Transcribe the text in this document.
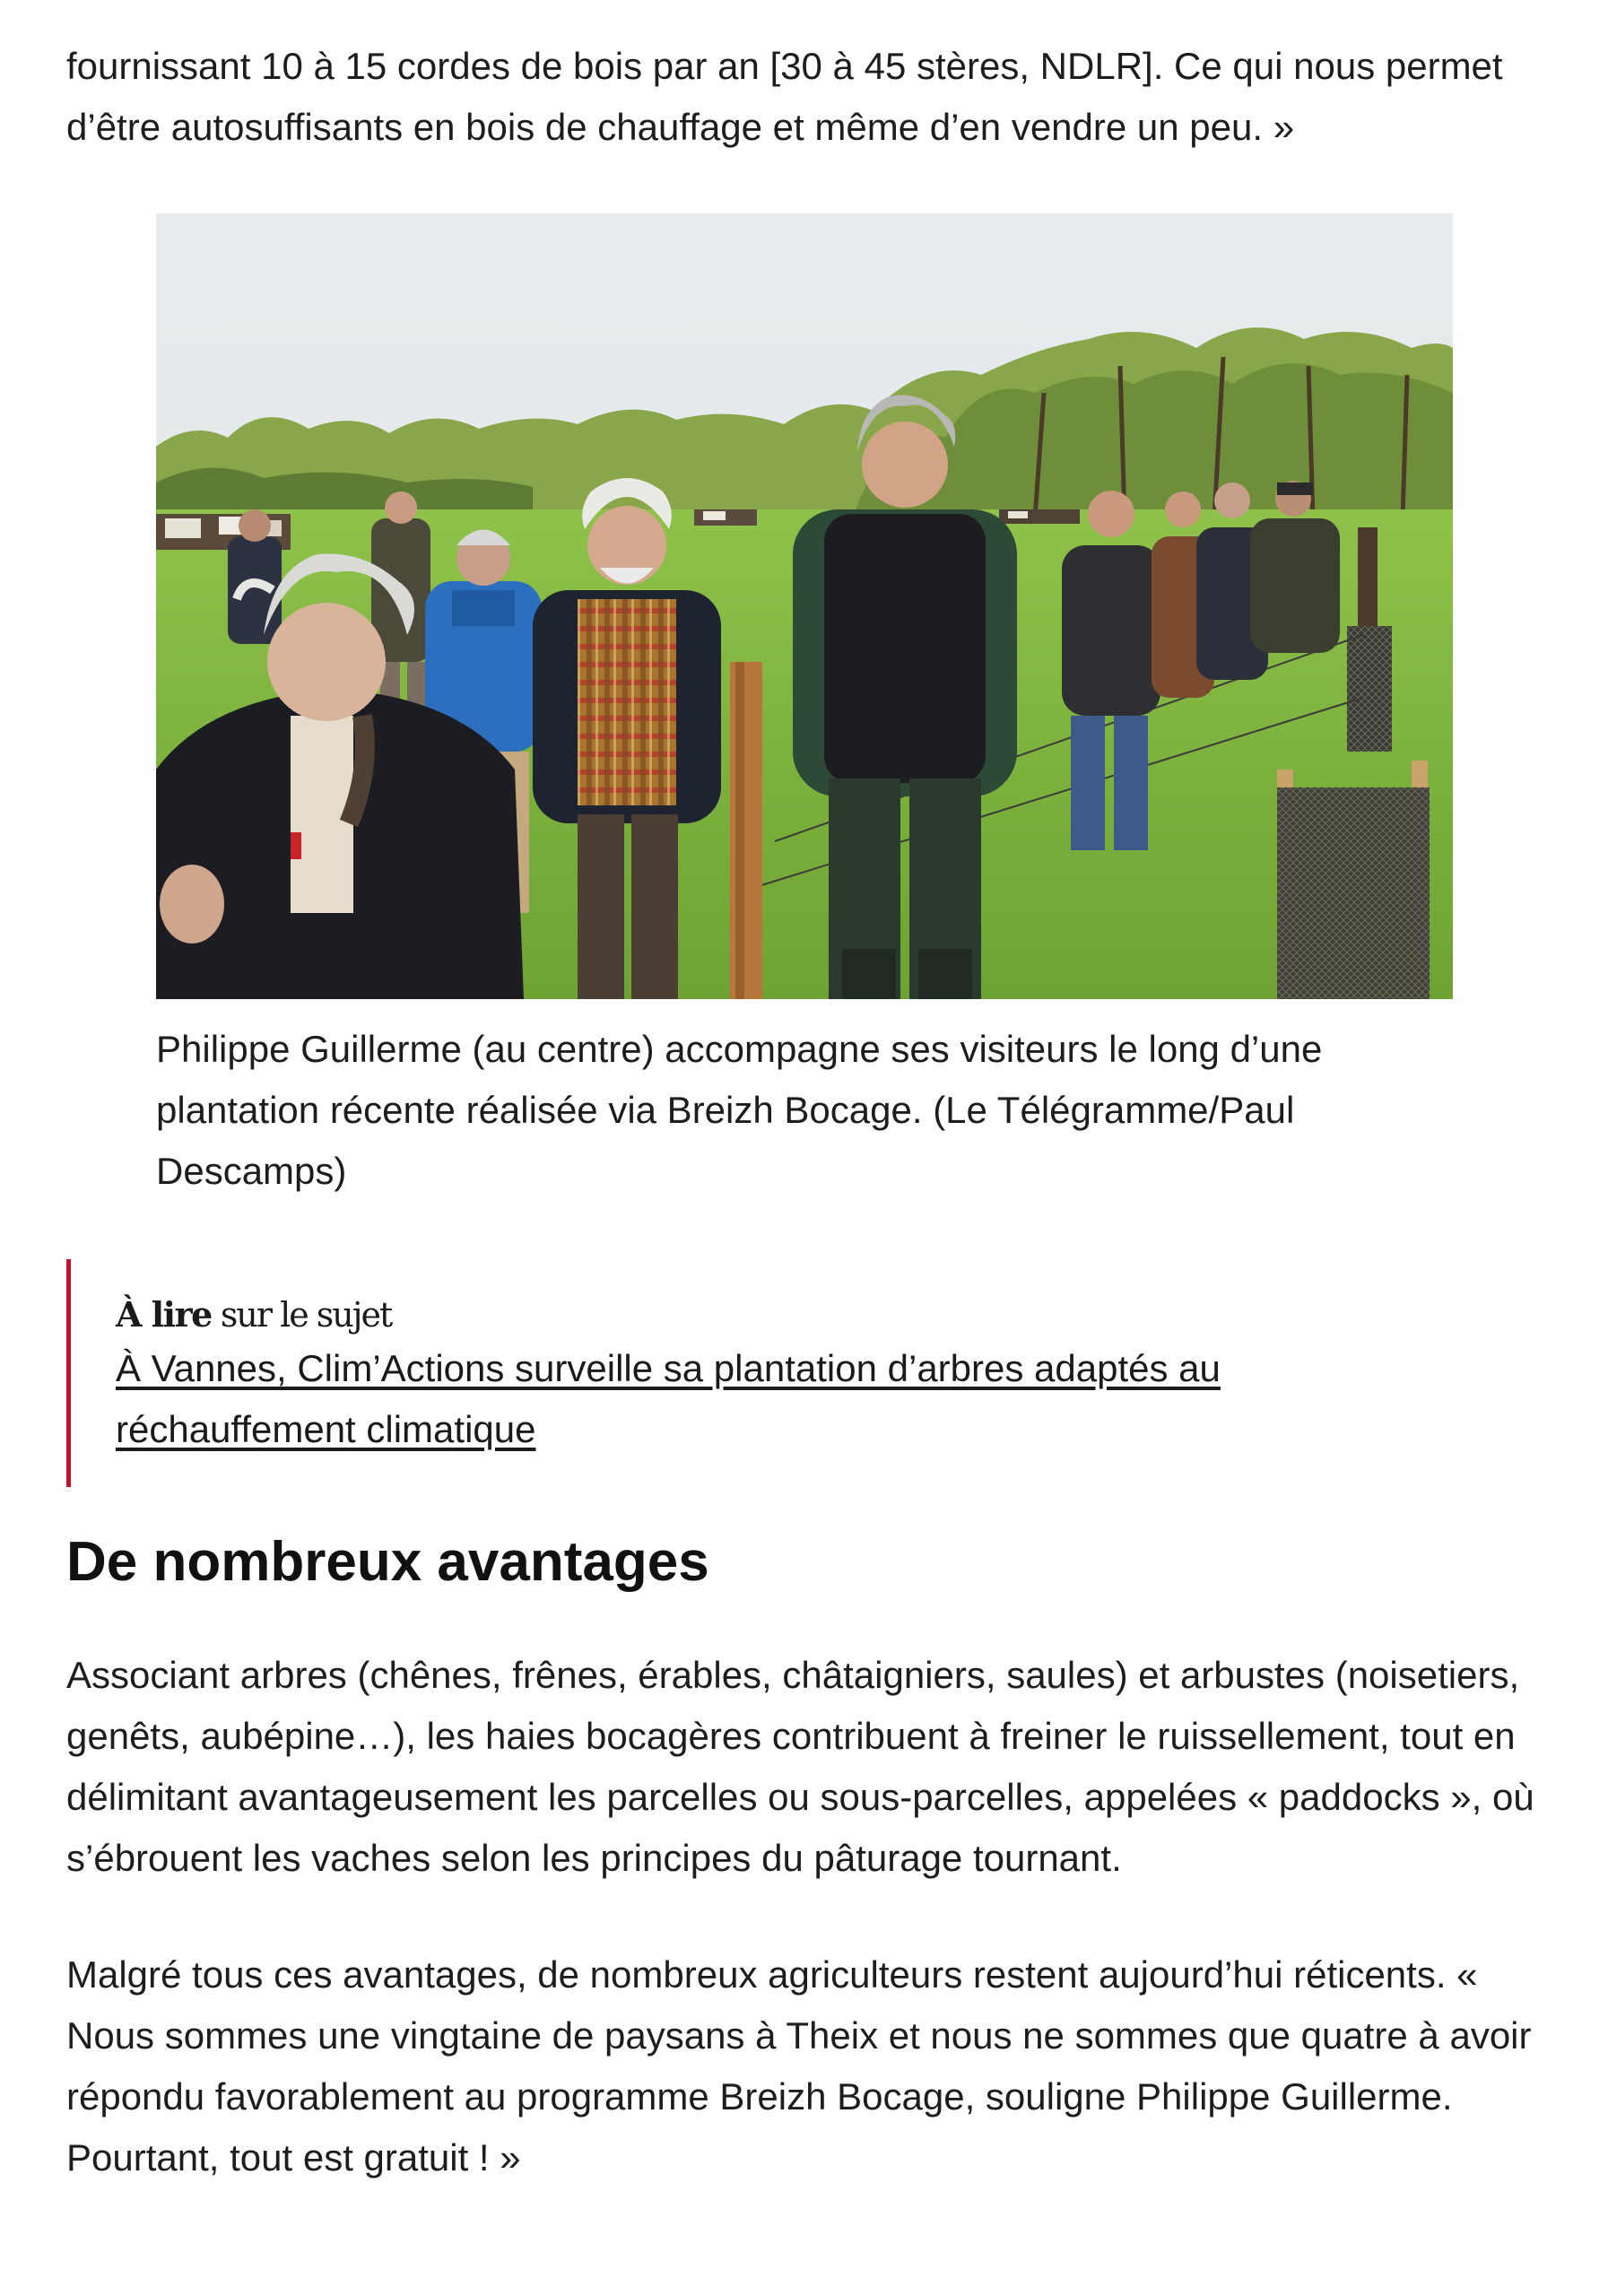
fournissant 10 à 15 cordes de bois par an [30 à 45 stères, NDLR]. Ce qui nous permet d’être autosuffisants en bois de chauffage et même d’en vendre un peu. »

Philippe Guillerme (au centre) accompagne ses visiteurs le long d’une plantation récente réalisée via Breizh Bocage. (Le Télégramme/Paul Descamps)

À lire sur le sujet
À Vannes, Clim’Actions surveille sa plantation d’arbres adaptés au réchauffement climatique
De nombreux avantages

Associant arbres (chênes, frênes, érables, châtaigniers, saules) et arbustes (noisetiers, genêts, aubépine…), les haies bocagères contribuent à freiner le ruissellement, tout en délimitant avantageusement les parcelles ou sous-parcelles, appelées « paddocks », où s’ébrouent les vaches selon les principes du pâturage tournant.

Malgré tous ces avantages, de nombreux agriculteurs restent aujourd’hui réticents. « Nous sommes une vingtaine de paysans à Theix et nous ne sommes que quatre à avoir répondu favorablement au programme Breizh Bocage, souligne Philippe Guillerme. Pourtant, tout est gratuit ! »
